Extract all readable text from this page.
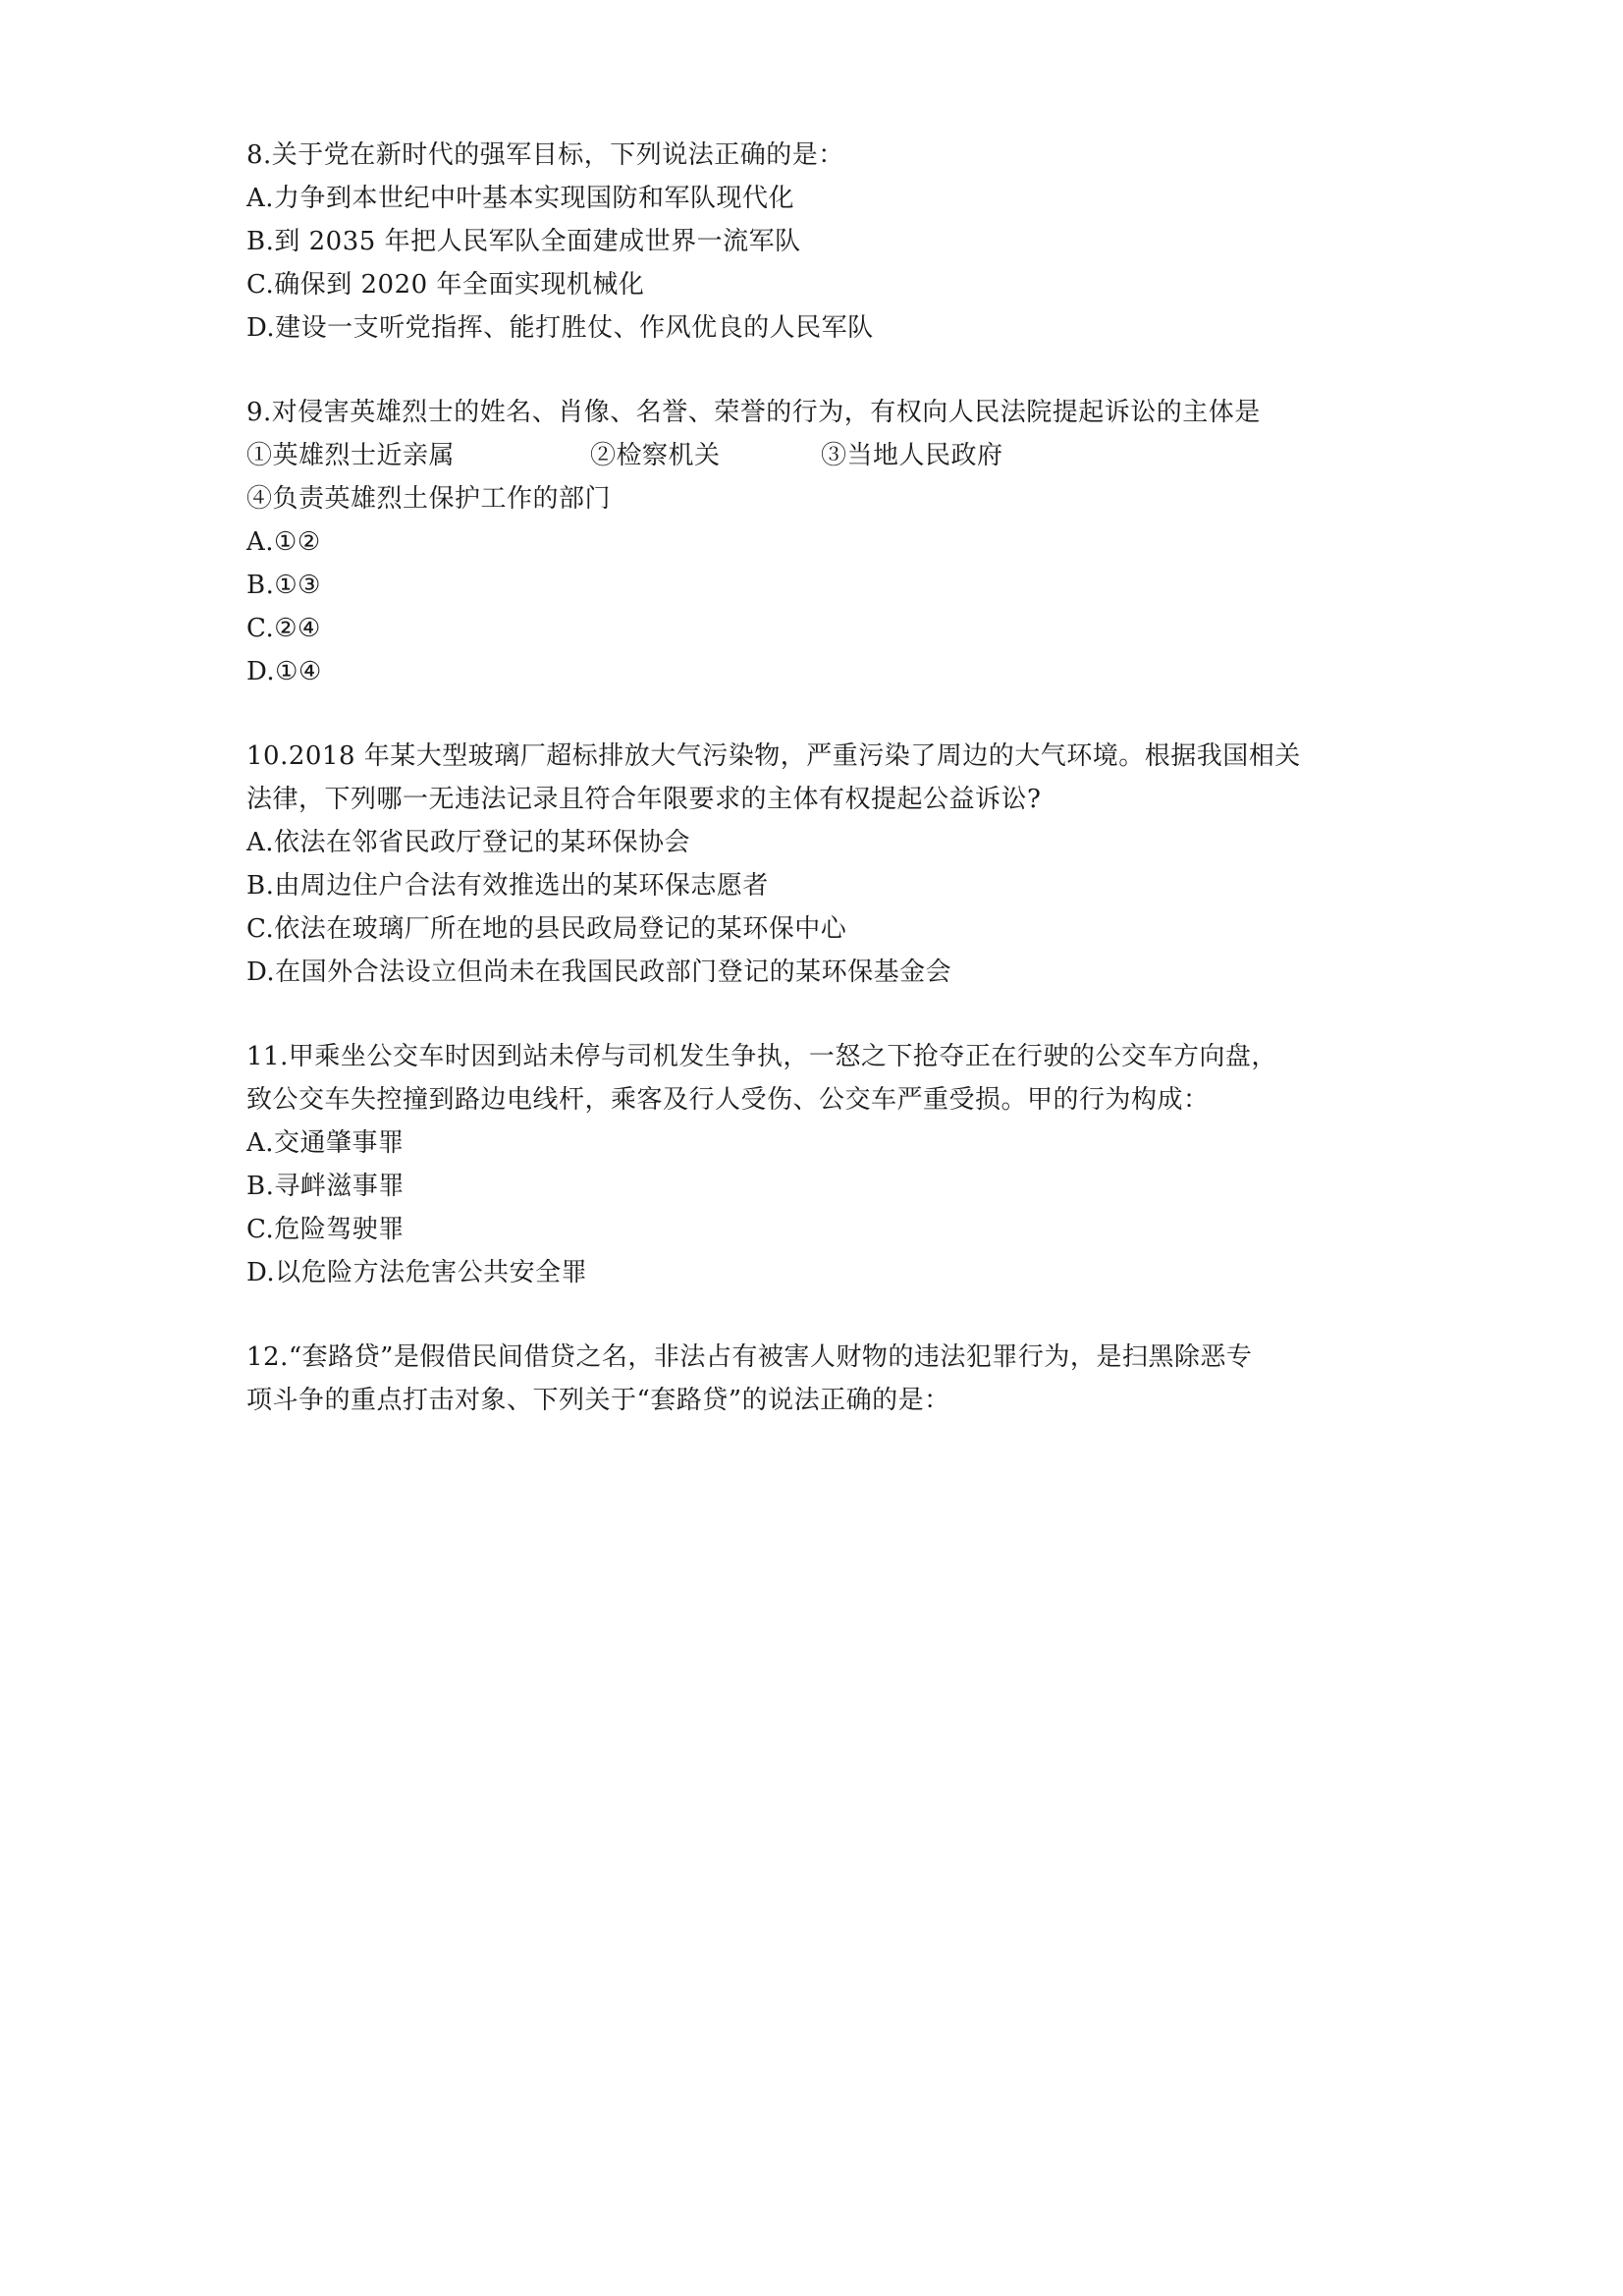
8.关于党在新时代的强军目标，下列说法正确的是：
A.力争到本世纪中叶基本实现国防和军队现代化
B.到 2035 年把人民军队全面建成世界一流军队
C.确保到 2020 年全面实现机械化
D.建设一支听党指挥、能打胜仗、作风优良的人民军队
9.对侵害英雄烈士的姓名、肖像、名誉、荣誉的行为，有权向人民法院提起诉讼的主体是
①英雄烈士近亲属	②检察机关	③当地人民政府
④负责英雄烈土保护工作的部门
A.①②
B.①③
C.②④
D.①④
10.2018 年某大型玻璃厂超标排放大气污染物，严重污染了周边的大气环境。根据我国相关
法律，下列哪一无违法记录且符合年限要求的主体有权提起公益诉讼?
A.依法在邻省民政厅登记的某环保协会
B.由周边住户合法有效推选出的某环保志愿者
C.依法在玻璃厂所在地的县民政局登记的某环保中心
D.在国外合法设立但尚未在我国民政部门登记的某环保基金会
11.甲乘坐公交车时因到站未停与司机发生争执，一怒之下抢夺正在行驶的公交车方向盘，
致公交车失控撞到路边电线杆，乘客及行人受伤、公交车严重受损。甲的行为构成：
A.交通肇事罪
B.寻衅滋事罪
C.危险驾驶罪
D.以危险方法危害公共安全罪
12.“套路贷”是假借民间借贷之名，非法占有被害人财物的违法犯罪行为，是扫黑除恶专
项斗争的重点打击对象、下列关于“套路贷”的说法正确的是：
